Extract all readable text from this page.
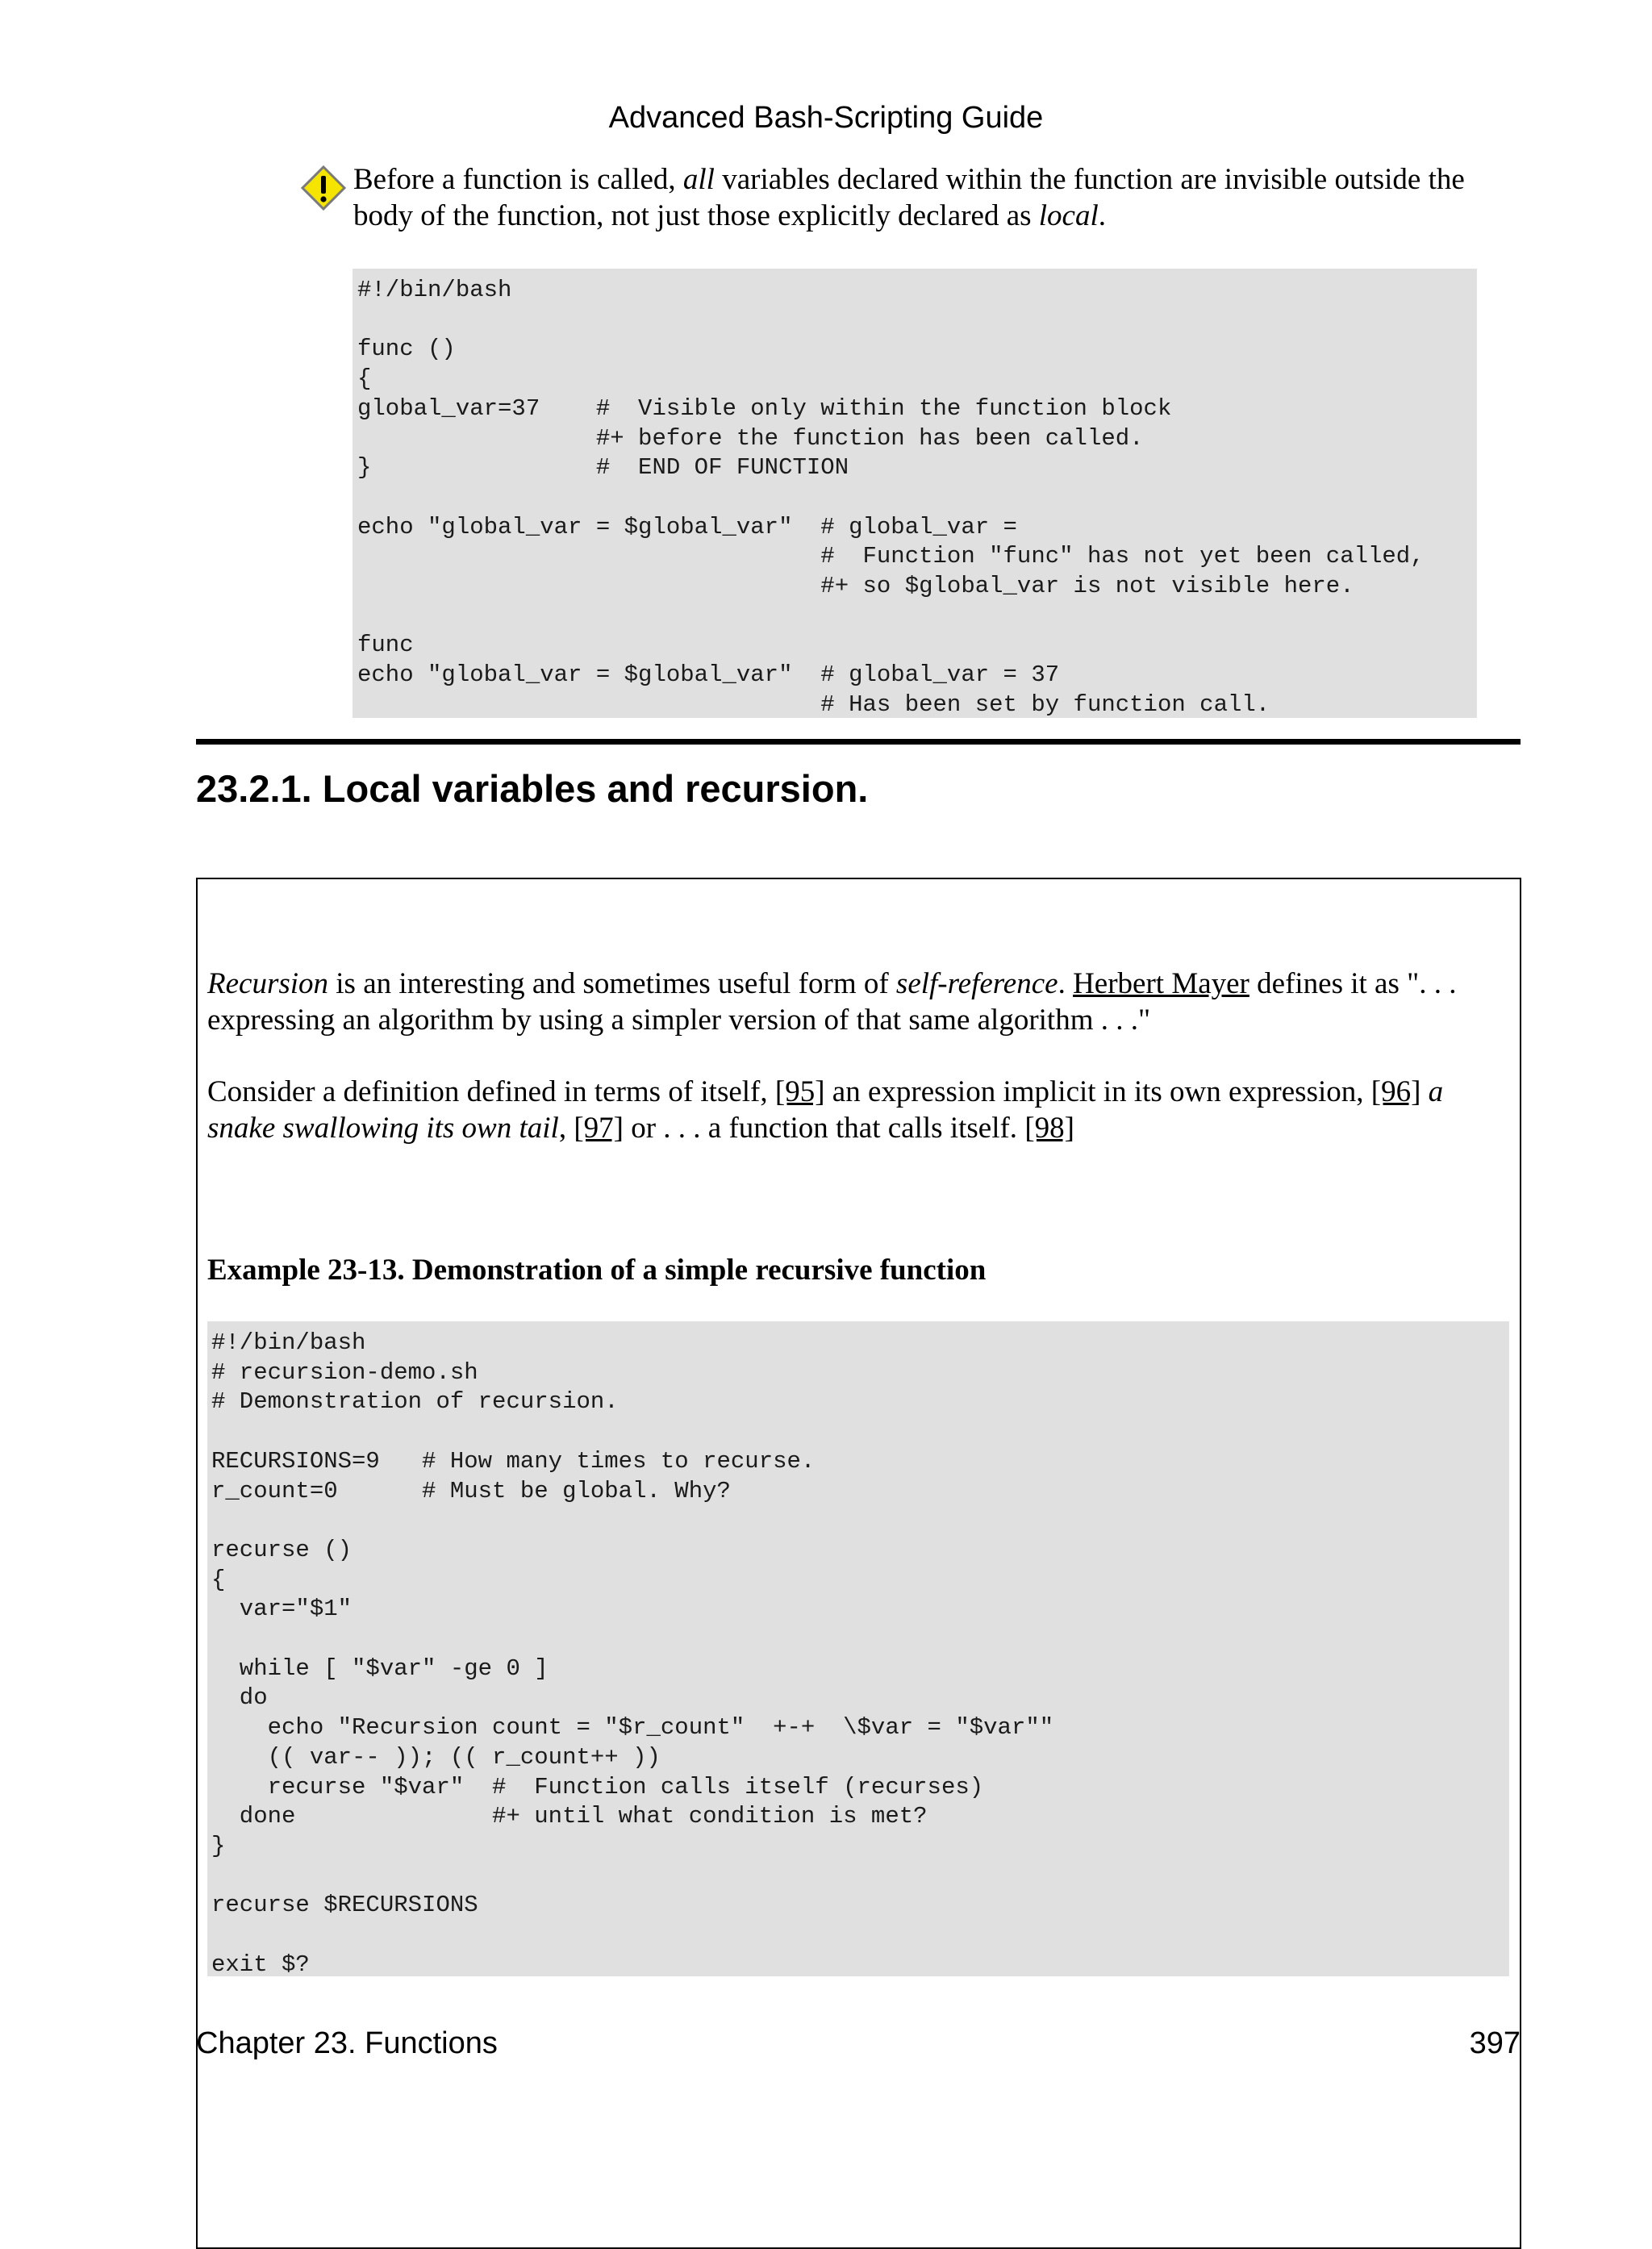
Advanced Bash-Scripting Guide
Before a function is called, all variables declared within the function are invisible outside the body of the function, not just those explicitly declared as local.
#!/bin/bash

func ()
{
global_var=37    #  Visible only within the function block
#+ before the function has been called.
}                #  END OF FUNCTION

echo "global_var = $global_var"  # global_var =
#  Function "func" has not yet been called,
#+ so $global_var is not visible here.

func
echo "global_var = $global_var"  # global_var = 37
# Has been set by function call.
23.2.1. Local variables and recursion.

Recursion is an interesting and sometimes useful form of self-reference. Herbert Mayer defines it as ". . . expressing an algorithm by using a simpler version of that same algorithm . . ."

Consider a definition defined in terms of itself, [95] an expression implicit in its own expression, [96] a snake swallowing its own tail, [97] or . . . a function that calls itself. [98]

Example 23-13. Demonstration of a simple recursive function

#!/bin/bash
# recursion-demo.sh
# Demonstration of recursion.

RECURSIONS=9   # How many times to recurse.
r_count=0      # Must be global. Why?

recurse ()
{
var="$1"

while [ "$var" -ge 0 ]
do
echo "Recursion count = "$r_count"  +-+  \$var = "$var""
(( var-- )); (( r_count++ ))
recurse "$var"  #  Function calls itself (recurses)
done              #+ until what condition is met?
}

recurse $RECURSIONS

exit $?
Chapter 23. Functions	397
